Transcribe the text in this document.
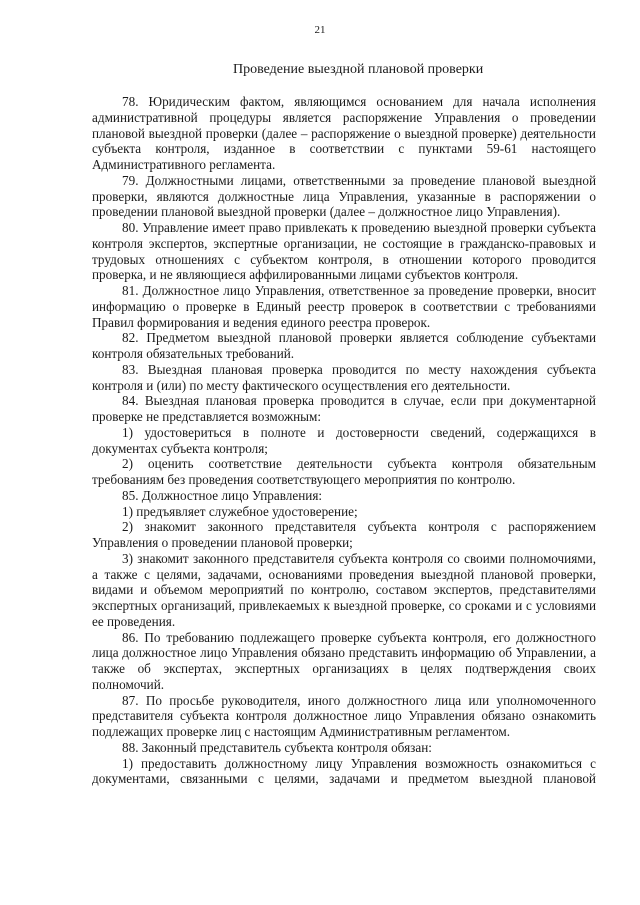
21
Проведение выездной плановой проверки

78. Юридическим фактом, являющимся основанием для начала исполнения административной процедуры является распоряжение Управления о проведении плановой выездной проверки (далее – распоряжение о выездной проверке) деятельности субъекта контроля, изданное в соответствии с пунктами 59-61 настоящего Административного регламента.

79. Должностными лицами, ответственными за проведение плановой выездной проверки, являются должностные лица Управления, указанные в распоряжении о проведении плановой выездной проверки (далее – должностное лицо Управления).

80. Управление имеет право привлекать к проведению выездной проверки субъекта контроля экспертов, экспертные организации, не состоящие в гражданско-правовых и трудовых отношениях с субъектом контроля, в отношении которого проводится проверка, и не являющиеся аффилированными лицами субъектов контроля.

81. Должностное лицо Управления, ответственное за проведение проверки, вносит информацию о проверке в Единый реестр проверок в соответствии с требованиями Правил формирования и ведения единого реестра проверок.

82. Предметом выездной плановой проверки является соблюдение субъектами контроля обязательных требований.

83. Выездная плановая проверка проводится по месту нахождения субъекта контроля и (или) по месту фактического осуществления его деятельности.

84. Выездная плановая проверка проводится в случае, если при документарной проверке не представляется возможным:

1) удостовериться в полноте и достоверности сведений, содержащихся в документах субъекта контроля;

2) оценить соответствие деятельности субъекта контроля обязательным требованиям без проведения соответствующего мероприятия по контролю.

85. Должностное лицо Управления:

1) предъявляет служебное удостоверение;

2) знакомит законного представителя субъекта контроля с распоряжением Управления о проведении плановой проверки;

3) знакомит законного представителя субъекта контроля со своими полномочиями, а также с целями, задачами, основаниями проведения выездной плановой проверки, видами и объемом мероприятий по контролю, составом экспертов, представителями экспертных организаций, привлекаемых к выездной проверке, со сроками и с условиями ее проведения.

86. По требованию подлежащего проверке субъекта контроля, его должностного лица должностное лицо Управления обязано представить информацию об Управлении, а также об экспертах, экспертных организациях в целях подтверждения своих полномочий.

87. По просьбе руководителя, иного должностного лица или уполномоченного представителя субъекта контроля должностное лицо Управления обязано ознакомить подлежащих проверке лиц с настоящим Административным регламентом.

88. Законный представитель субъекта контроля обязан:

1) предоставить должностному лицу Управления возможность ознакомиться с документами, связанными с целями, задачами и предметом выездной плановой
